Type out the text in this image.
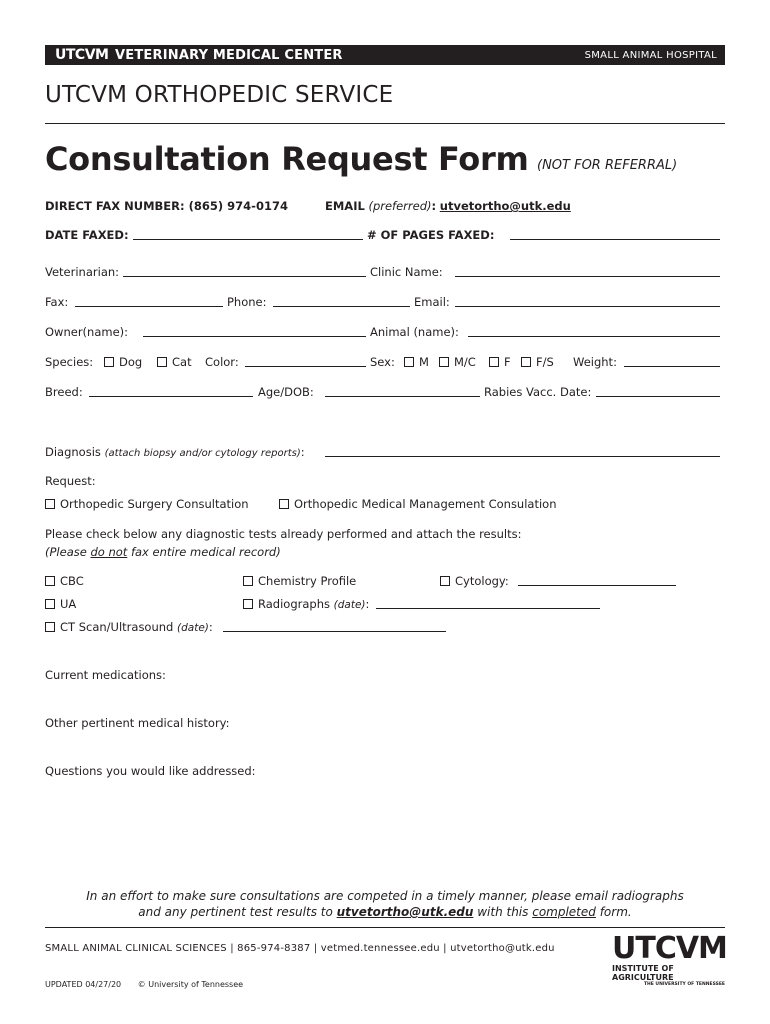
UTCVM VETERINARY MEDICAL CENTER	SMALL ANIMAL HOSPITAL
UTCVM ORTHOPEDIC SERVICE
Consultation Request Form (NOT FOR REFERRAL)
DIRECT FAX NUMBER: (865) 974-0174	EMAIL (preferred): utvetortho@utk.edu
DATE FAXED:	# OF PAGES FAXED:
Veterinarian:	Clinic Name:
Fax:	Phone:	Email:
Owner(name):	Animal (name):
Species:	Dog	Cat Color:	Sex:	M	M/C	F	F/S Weight:
Breed:	Age/DOB:	Rabies Vacc. Date:
Diagnosis (attach biopsy and/or cytology reports):
Request:
Orthopedic Surgery Consultation	Orthopedic Medical Management Consulation
Please check below any diagnostic tests already performed and attach the results:
(Please do not fax entire medical record)
CBC	Chemistry Profile	Cytology:
UA	Radiographs (date):
CT Scan/Ultrasound (date):
Current medications:
Other pertinent medical history:
Questions you would like addressed:
In an effort to make sure consultations are competed in a timely manner, please email radiographs
and any pertinent test results to utvetortho@utk.edu with this completed form.
SMALL ANIMAL CLINICAL SCIENCES | 865-974-8387 | vetmed.tennessee.edu | utvetortho@utk.edu
UPDATED 04/27/20 © University of Tennessee
UTCVM
INSTITUTE OF AGRICULTURE
THE UNIVERSITY OF TENNESSEE
